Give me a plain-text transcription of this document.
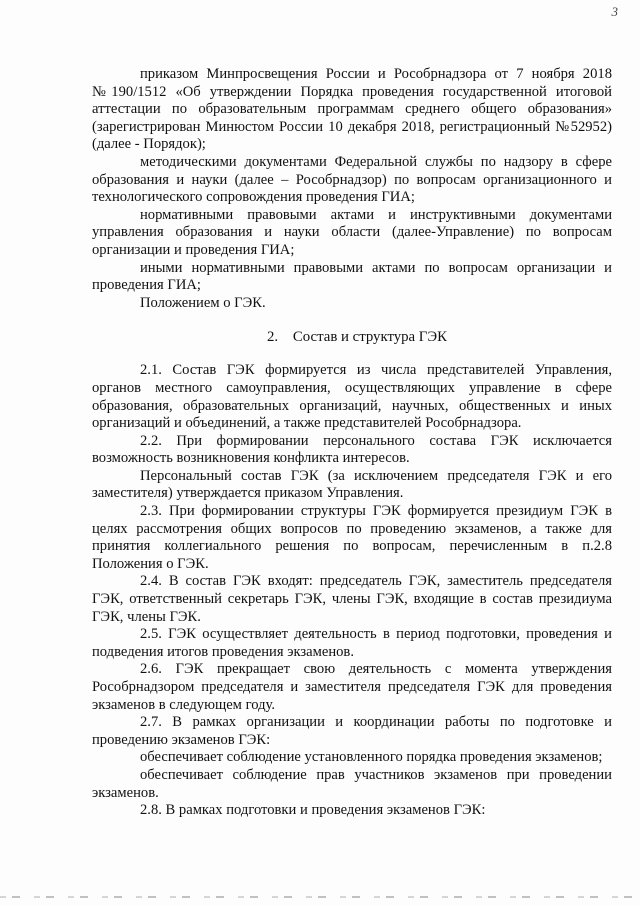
3

приказом Минпросвещения России и Рособрнадзора от 7 ноября 2018 №190/1512 «Об утверждении Порядка проведения государственной итоговой аттестации по образовательным программам среднего общего образования» (зарегистрирован Минюстом России 10 декабря 2018, регистрационный №52952) (далее - Порядок);

методическими документами Федеральной службы по надзору в сфере образования и науки (далее – Рособрнадзор) по вопросам организационного и технологического сопровождения проведения ГИА;

нормативными правовыми актами и инструктивными документами управления образования и науки области (далее-Управление) по вопросам организации и проведения ГИА;

иными нормативными правовыми актами по вопросам организации и проведения ГИА;

Положением о ГЭК.

2.    Состав и структура ГЭК

2.1. Состав ГЭК формируется из числа представителей Управления, органов местного самоуправления, осуществляющих управление в сфере образования, образовательных организаций, научных, общественных и иных организаций и объединений, а также представителей Рособрнадзора.

2.2. При формировании персонального состава ГЭК исключается возможность возникновения конфликта интересов.

Персональный состав ГЭК (за исключением председателя ГЭК и его заместителя) утверждается приказом Управления.

2.3. При формировании структуры ГЭК формируется президиум ГЭК в целях рассмотрения общих вопросов по проведению экзаменов, а также для принятия коллегиального решения по вопросам, перечисленным в п.2.8 Положения о ГЭК.

2.4. В состав ГЭК входят: председатель ГЭК, заместитель председателя ГЭК, ответственный секретарь ГЭК, члены ГЭК, входящие в состав президиума ГЭК, члены ГЭК.

2.5. ГЭК осуществляет деятельность в период подготовки, проведения и подведения итогов проведения экзаменов.

2.6. ГЭК прекращает свою деятельность с момента утверждения Рособрнадзором председателя и заместителя председателя ГЭК для проведения экзаменов в следующем году.

2.7. В рамках организации и координации работы по подготовке и проведению экзаменов ГЭК:

обеспечивает соблюдение установленного порядка проведения экзаменов;

обеспечивает соблюдение прав участников экзаменов при проведении экзаменов.

2.8. В рамках подготовки и проведения экзаменов ГЭК:
